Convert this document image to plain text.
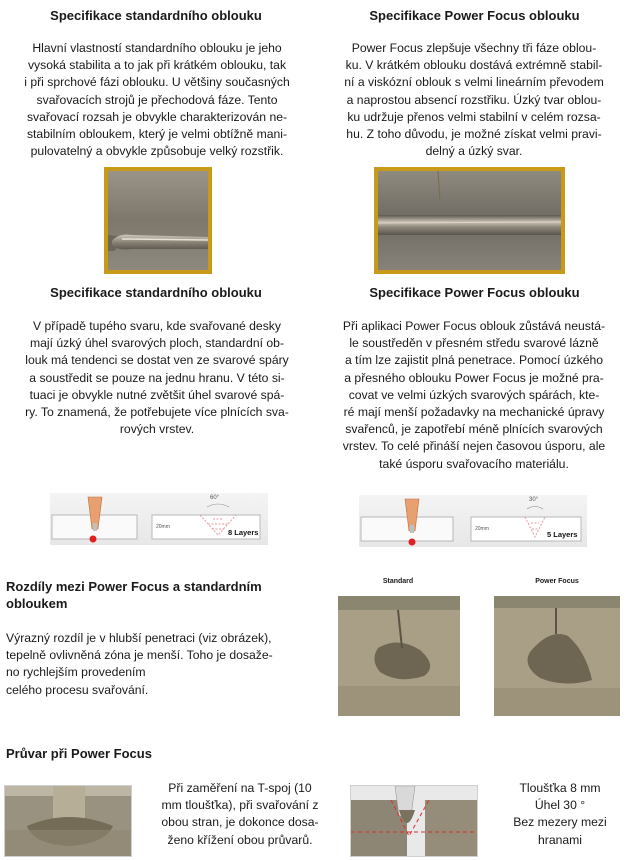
Specifikace standardního oblouku	Specifikace Power Focus oblouku
Hlavní vlastností standardního oblouku je jeho
vysoká stabilita a to jak při krátkém oblouku, tak
i při sprchové fázi oblouku. U většiny současných
svařovacích strojů je přechodová fáze. Tento
svařovací rozsah je obvykle charakterizován ne-
stabilním obloukem, který je velmi obtížně mani-
pulovatelný a obvykle způsobuje velký rozstřik.
Power Focus zlepšuje všechny tři fáze oblou-
ku. V krátkém oblouku dostává extrémně stabil-
ní a viskózní oblouk s velmi lineárním převodem
a naprostou absencí rozstřiku. Úzký tvar oblou-
ku udržuje přenos velmi stabilní v celém rozsa-
hu. Z toho důvodu, je možné získat velmi pravi-
delný a úzký svar.
Specifikace standardního oblouku	Specifikace Power Focus oblouku
V případě tupého svaru, kde svařované desky
mají úzký úhel svarových ploch, standardní ob-
louk má tendenci se dostat ven ze svarové spáry
a soustředit se pouze na jednu hranu. V této si-
tuaci je obvykle nutné zvětšit úhel svarové spá-
ry. To znamená, že potřebujete více plnících sva-
rových vrstev.
Při aplikaci Power Focus oblouk zůstává neustá-
le soustředěn v přesném středu svarové lázně
a tím lze zajistit plná penetrace. Pomocí úzkého
a přesného oblouku Power Focus je možné pra-
covat ve velmi úzkých svarových spárách, kte-
ré mají menší požadavky na mechanické úpravy
svařenců, je zapotřebí méně plnících svarových
vrstev. To celé přináší nejen časovou úsporu, ale
také úsporu svařovacího materiálu.
60°
20mm
8 Layers
30°
20mm
5 Layers
Rozdíly mezi Power Focus a standardním
obloukem
Výrazný rozdíl je v hlubší penetraci (viz obrázek),
tepelně ovlivněná zóna je menší. Toho je dosaže-
no rychlejším provedením
celého procesu svařování.
Standard	Power Focus
Průvar při Power Focus
Při zaměření na T-spoj (10
mm tloušťka), při svařování z
obou stran, je dokonce dosa-
ženo křížení obou průvarů.
Tloušťka 8 mm
Úhel 30 °
Bez mezery mezi
hranami
